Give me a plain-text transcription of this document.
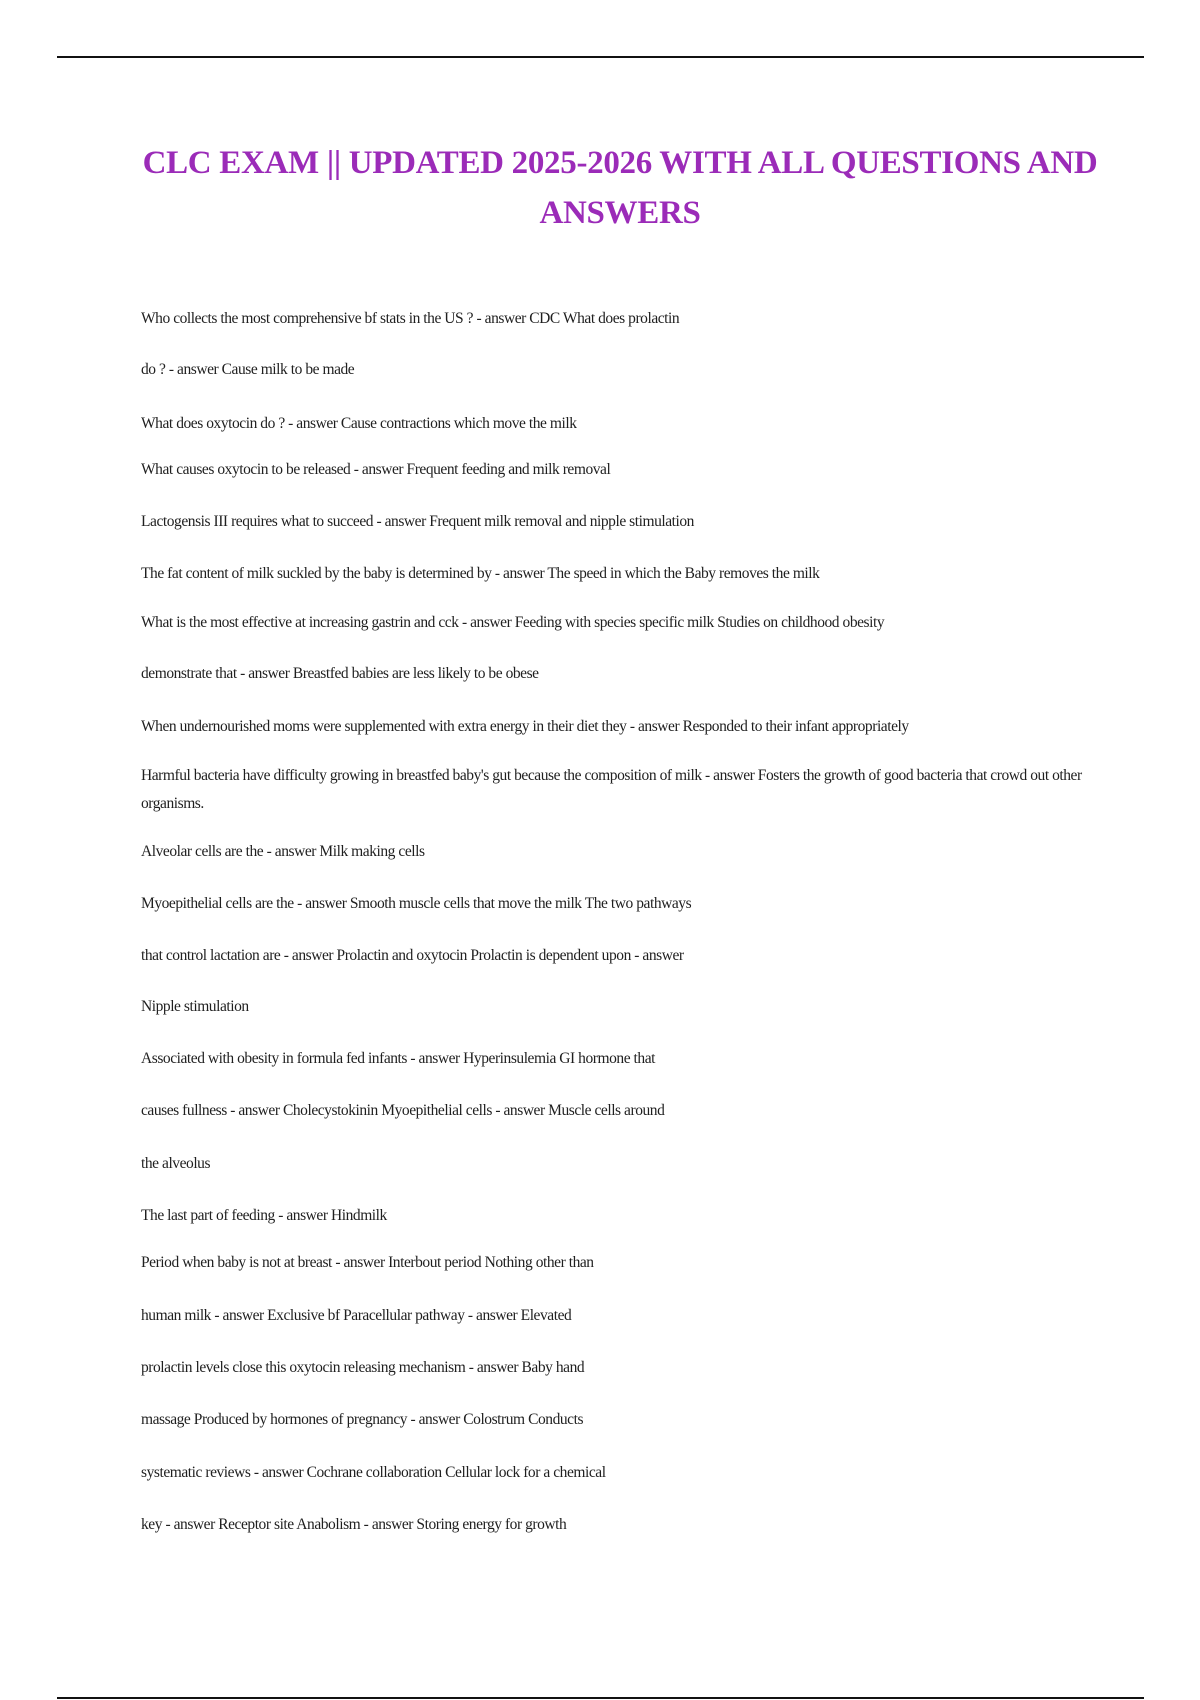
CLC EXAM || UPDATED 2025-2026 WITH ALL QUESTIONS AND ANSWERS
Who collects the most comprehensive bf stats in the US ? - answer CDC What does prolactin
do ? - answer Cause milk to be made
What does oxytocin do ? - answer Cause contractions which move the milk
What causes oxytocin to be released - answer Frequent feeding and milk removal
Lactogensis III requires what to succeed - answer Frequent milk removal and nipple stimulation
The fat content of milk suckled by the baby is determined by - answer The speed in which the Baby removes the milk
What is the most effective at increasing gastrin and cck - answer Feeding with species specific milk Studies on childhood obesity
demonstrate that - answer Breastfed babies are less likely to be obese
When undernourished moms were supplemented with extra energy in their diet they - answer Responded to their infant appropriately
Harmful bacteria have difficulty growing in breastfed baby's gut because the composition of milk - answer Fosters the growth of good bacteria that crowd out other organisms.
Alveolar cells are the - answer Milk making cells
Myoepithelial cells are the - answer Smooth muscle cells that move the milk The two pathways
that control lactation are - answer Prolactin and oxytocin Prolactin is dependent upon - answer
Nipple stimulation
Associated with obesity in formula fed infants - answer Hyperinsulemia GI hormone that
causes fullness - answer Cholecystokinin Myoepithelial cells - answer Muscle cells around
the alveolus
The last part of feeding - answer Hindmilk
Period when baby is not at breast - answer Interbout period Nothing other than
human milk - answer Exclusive bf Paracellular pathway - answer Elevated
prolactin levels close this oxytocin releasing mechanism - answer Baby hand
massage Produced by hormones of pregnancy - answer Colostrum Conducts
systematic reviews - answer Cochrane collaboration Cellular lock for a chemical
key - answer Receptor site Anabolism - answer Storing energy for growth
